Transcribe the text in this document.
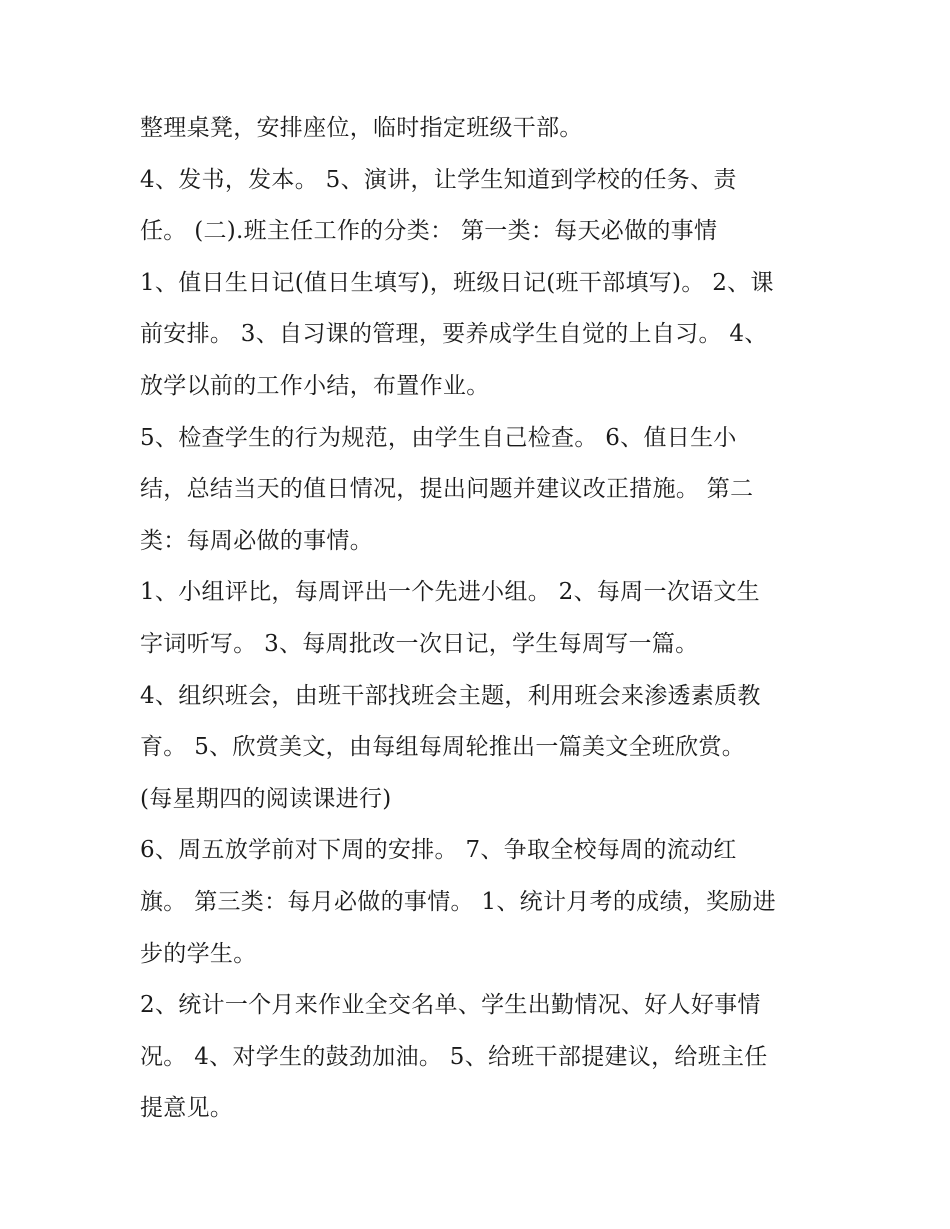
整理桌凳，安排座位，临时指定班级干部。
4、发书，发本。 5、演讲，让学生知道到学校的任务、责
任。 (二).班主任工作的分类： 第一类：每天必做的事情
1、值日生日记(值日生填写)，班级日记(班干部填写)。 2、课
前安排。 3、自习课的管理，要养成学生自觉的上自习。 4、
放学以前的工作小结，布置作业。
5、检查学生的行为规范，由学生自己检查。 6、值日生小
结，总结当天的值日情况，提出问题并建议改正措施。 第二
类：每周必做的事情。
1、小组评比，每周评出一个先进小组。 2、每周一次语文生
字词听写。 3、每周批改一次日记，学生每周写一篇。
4、组织班会，由班干部找班会主题，利用班会来渗透素质教
育。 5、欣赏美文，由每组每周轮推出一篇美文全班欣赏。
(每星期四的阅读课进行)
6、周五放学前对下周的安排。 7、争取全校每周的流动红
旗。 第三类：每月必做的事情。 1、统计月考的成绩，奖励进
步的学生。
2、统计一个月来作业全交名单、学生出勤情况、好人好事情
况。 4、对学生的鼓劲加油。 5、给班干部提建议，给班主任
提意见。
